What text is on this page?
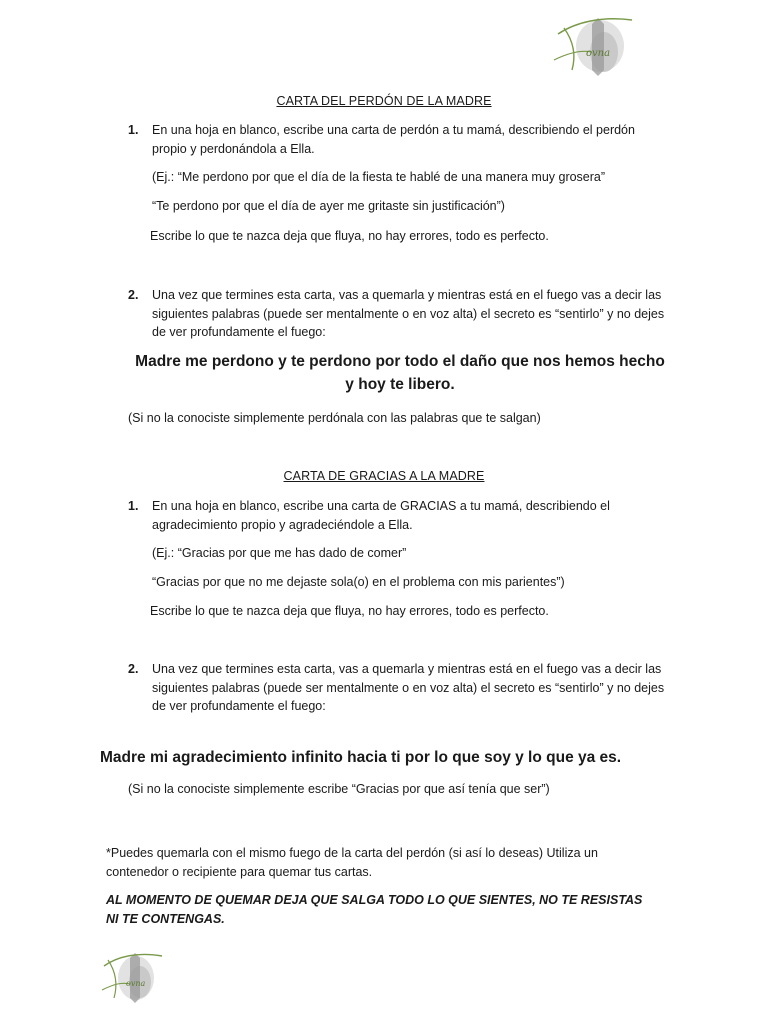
ovna
CARTA DEL PERDÓN DE LA MADRE
1. En una hoja en blanco, escribe una carta de perdón a tu mamá, describiendo el perdón propio y perdonándola a Ella.
(Ej.: “Me perdono por que el día de la fiesta te hablé de una manera muy grosera”
“Te perdono por que el día de ayer me gritaste sin justificación”)
Escribe lo que te nazca deja que fluya, no hay errores, todo es perfecto.
2. Una vez que termines esta carta, vas a quemarla y mientras está en el fuego vas a decir las siguientes palabras (puede ser mentalmente o en voz alta) el secreto es “sentirlo” y no dejes de ver profundamente el fuego:
Madre me perdono y te perdono por todo el daño que nos hemos hecho
y hoy te libero.
(Si no la conociste simplemente perdónala con las palabras que te salgan)
CARTA DE GRACIAS A LA MADRE
1. En una hoja en blanco, escribe una carta de GRACIAS a tu mamá, describiendo el agradecimiento propio y agradeciéndole a Ella.
(Ej.: “Gracias por que me has dado de comer”
“Gracias por que no me dejaste sola(o) en el problema con mis parientes”)
Escribe lo que te nazca deja que fluya, no hay errores, todo es perfecto.
2. Una vez que termines esta carta, vas a quemarla y mientras está en el fuego vas a decir las siguientes palabras (puede ser mentalmente o en voz alta) el secreto es “sentirlo” y no dejes de ver profundamente el fuego:
Madre mi agradecimiento infinito hacia ti por lo que soy y lo que ya es.
(Si no la conociste simplemente escribe “Gracias por que así tenía que ser”)
*Puedes quemarla con el mismo fuego de la carta del perdón (si así lo deseas) Utiliza un contenedor o recipiente para quemar tus cartas.
AL MOMENTO DE QUEMAR DEJA QUE SALGA TODO LO QUE SIENTES, NO TE RESISTAS NI TE CONTENGAS.
ovna
